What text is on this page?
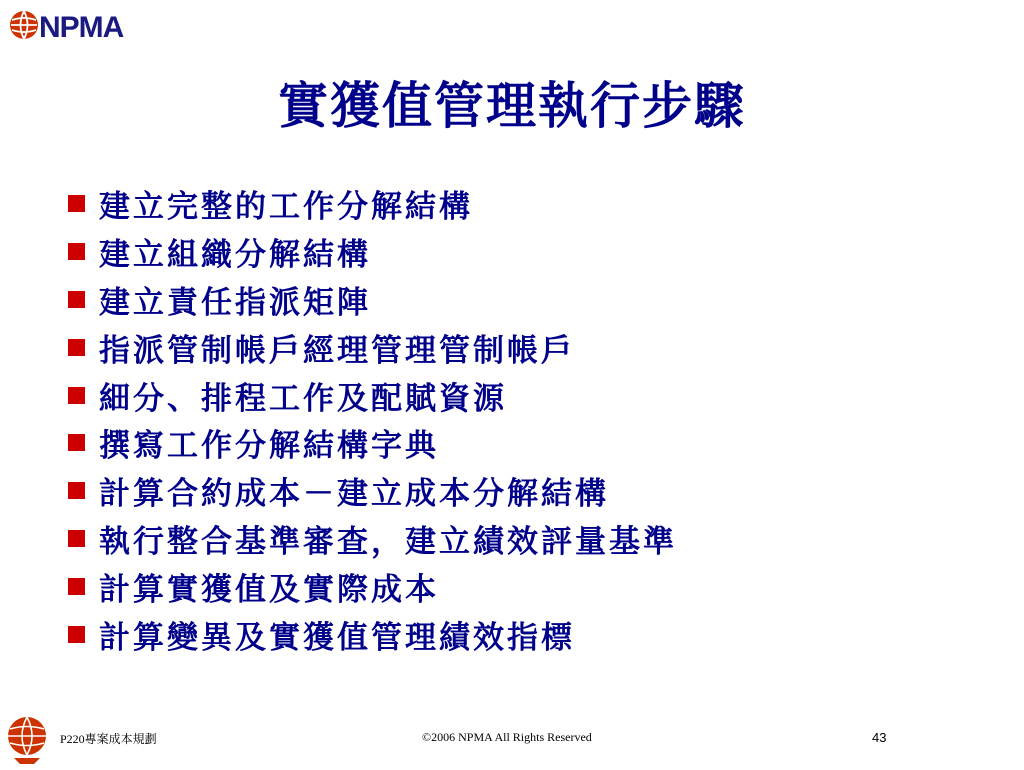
NPMA
實獲值管理執行步驟
建立完整的工作分解結構
建立組織分解結構
建立責任指派矩陣
指派管制帳戶經理管理管制帳戶
細分、排程工作及配賦資源
撰寫工作分解結構字典
計算合約成本－建立成本分解結構
執行整合基準審查，建立績效評量基準
計算實獲值及實際成本
計算變異及實獲值管理績效指標
P220專案成本規劃	©2006 NPMA All Rights Reserved	43
